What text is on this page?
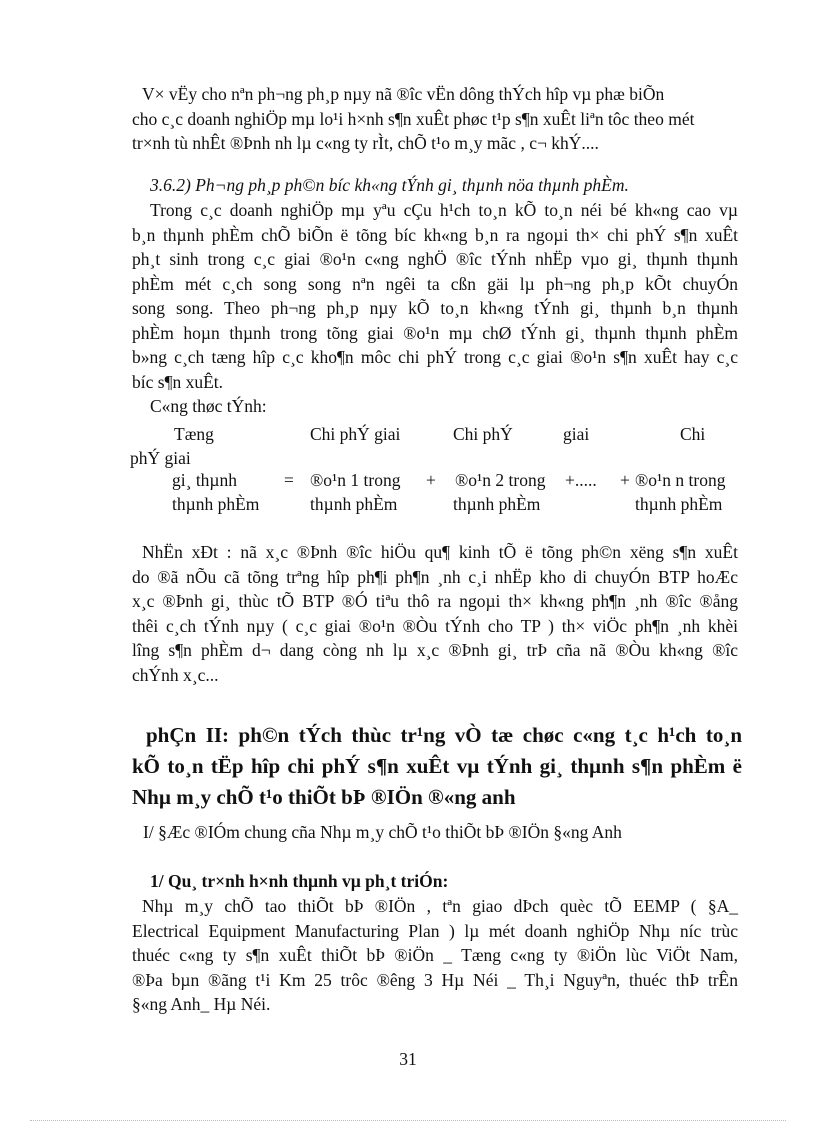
V× vËy cho nªn ph¬ng ph¸p nµy nã ®îc vËn dông thÝch hîp vµ phæ biÕn
cho c¸c doanh nghiÖp mµ lo¹i h×nh s¶n xuÊt phøc t¹p s¶n xuÊt liªn tôc theo mét
tr×nh tù nhÊt ®Þnh nh lµ c«ng ty rÌt, chÕ t¹o m¸y mãc , c¬ khÝ....
3.6.2) Ph¬ng ph¸p ph©n bíc kh«ng tÝnh gi¸ thµnh nöa thµnh phÈm.
Trong c¸c doanh nghiÖp mµ yªu cÇu h¹ch to¸n kÕ to¸n néi bé kh«ng cao vµ
b¸n thµnh phÈm chÕ biÕn ë tõng bíc kh«ng b¸n ra ngoµi th× chi phÝ s¶n xuÊt
ph¸t sinh trong c¸c giai ®o¹n c«ng nghÖ ®îc tÝnh nhËp vµo gi¸ thµnh thµnh
phÈm mét c¸ch song song nªn ngêi ta cßn gäi lµ ph¬ng ph¸p kÕt chuyÓn
song song. Theo ph¬ng ph¸p nµy kÕ to¸n kh«ng tÝnh gi¸ thµnh b¸n thµnh
phÈm hoµn thµnh trong tõng giai ®o¹n mµ chØ tÝnh gi¸ thµnh thµnh phÈm
b»ng c¸ch tæng hîp c¸c kho¶n môc chi phÝ trong c¸c giai ®o¹n s¶n xuÊt hay c¸c
bíc s¶n xuÊt.
C«ng thøc tÝnh:
Tæng	Chi phÝ giai	Chi phÝ	giai	Chi
phÝ giai
gi¸ thµnh	= ®o¹n 1 trong + ®o¹n 2 trong +..... + ®o¹n n trong
thµnh phÈm	thµnh phÈm	thµnh phÈm	thµnh phÈm
NhËn xÐt : nã x¸c ®Þnh ®îc hiÖu qu¶ kinh tÕ ë tõng ph©n xëng s¶n xuÊt
do ®ã nÕu cã tõng trªng hîp ph¶i ph¶n ¸nh c¸i nhËp kho di chuyÓn BTP hoÆc
x¸c ®Þnh gi¸ thùc tÕ BTP ®Ó tiªu thô ra ngoµi th× kh«ng ph¶n ¸nh ®îc ®ång
thêi c¸ch tÝnh nµy ( c¸c giai ®o¹n ®Òu tÝnh cho TP ) th× viÖc ph¶n ¸nh khèi
lîng s¶n phÈm d¬ dang còng nh lµ x¸c ®Þnh gi¸ trÞ cña nã ®Òu kh«ng ®îc
chÝnh x¸c...
phÇn II: ph©n tÝch thùc tr¹ng vÒ tæ chøc c«ng t¸c h¹ch to¸n
kÕ to¸n tËp hîp chi phÝ s¶n xuÊt vµ tÝnh gi¸ thµnh s¶n phÈm ë
Nhµ m¸y chÕ t¹o thiÕt bÞ ®IÖn ®«ng anh
I/ §Æc ®IÓm chung cña Nhµ m¸y chÕ t¹o thiÕt bÞ ®IÖn §«ng Anh
1/ Qu¸ tr×nh h×nh thµnh vµ ph¸t triÓn:
Nhµ m¸y chÕ tao thiÕt bÞ ®IÖn , tªn giao dÞch quèc tÕ EEMP ( §A_
Electrical Equipment Manufacturing Plan ) lµ mét doanh nghiÖp Nhµ níc trùc
thuéc c«ng ty s¶n xuÊt thiÕt bÞ ®iÖn _ Tæng c«ng ty ®iÖn lùc ViÖt Nam,
®Þa bµn ®ãng t¹i Km 25 trôc ®êng 3 Hµ Néi _ Th¸i Nguyªn, thuéc thÞ trÊn
§«ng Anh_ Hµ Néi.
31
